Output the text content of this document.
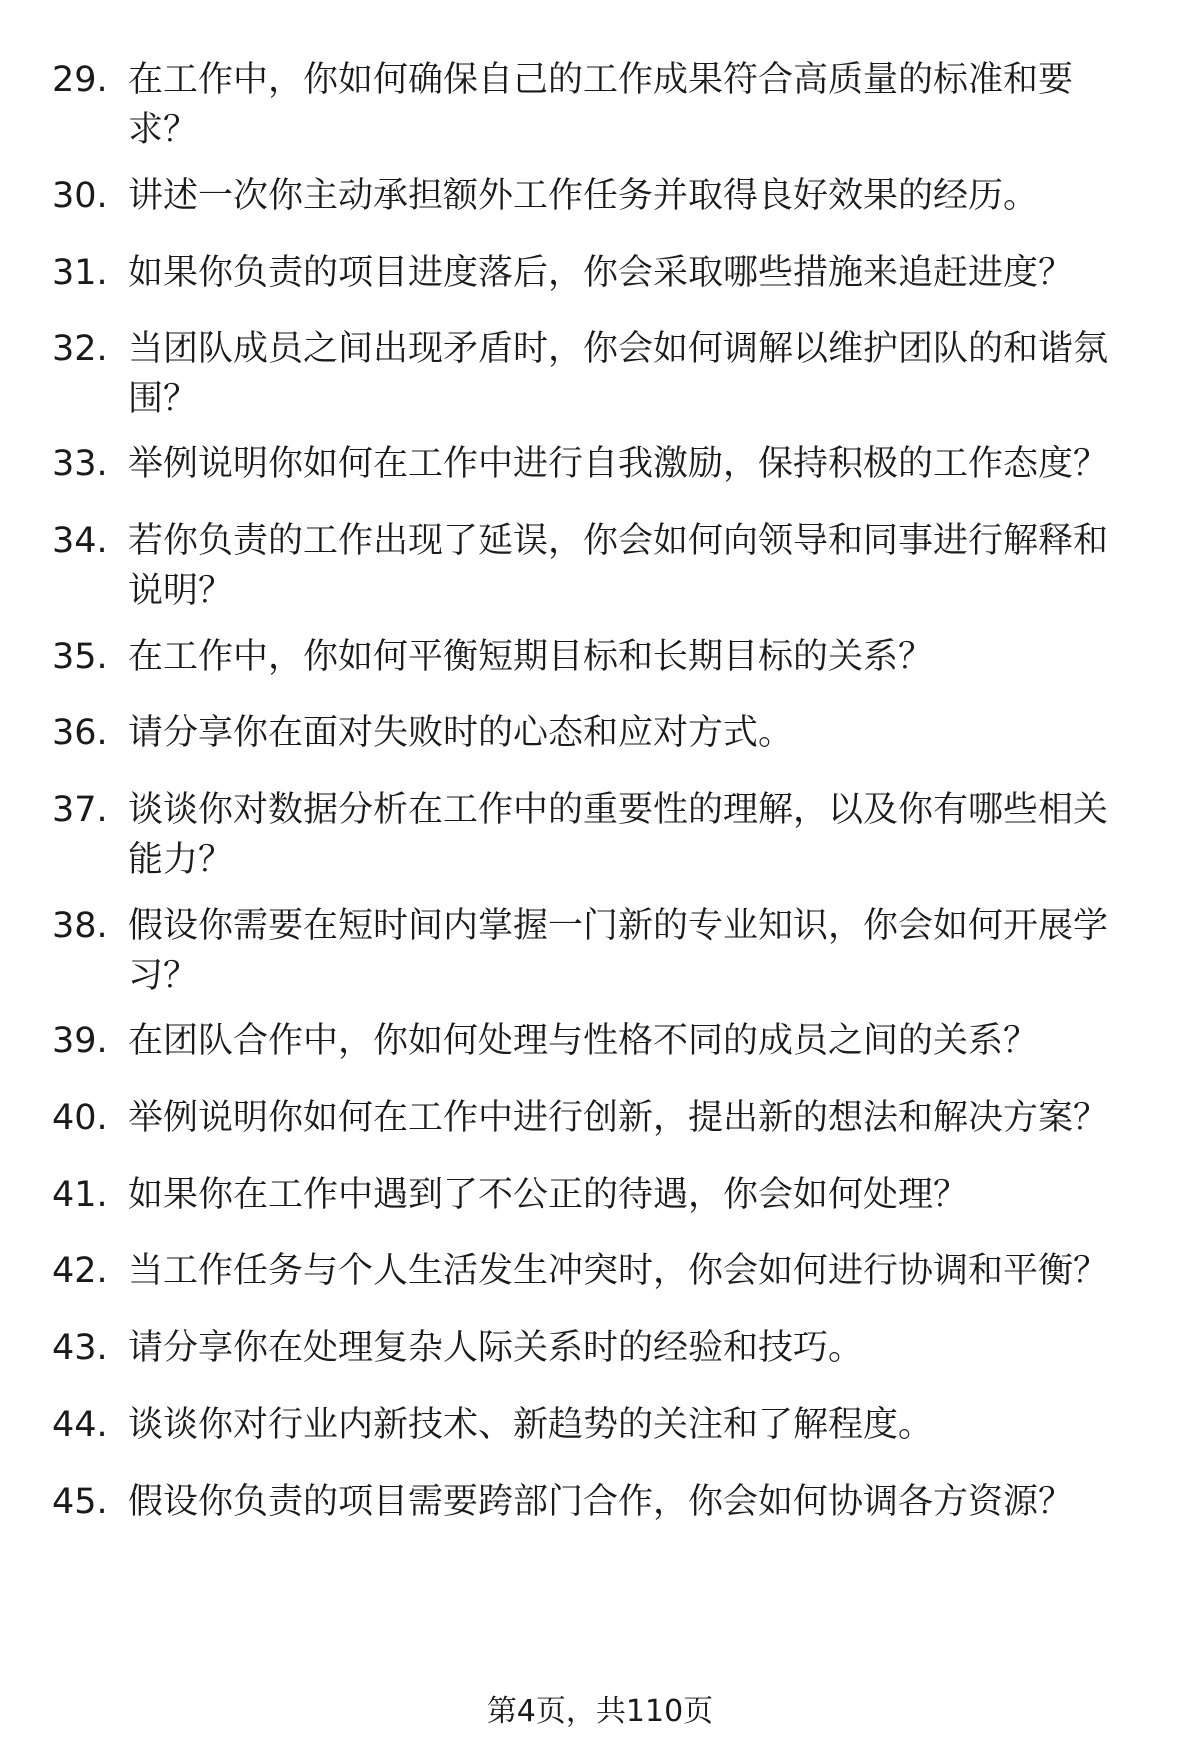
29. 在工作中，你如何确保自己的工作成果符合高质量的标准和要求？
30. 讲述一次你主动承担额外工作任务并取得良好效果的经历。
31. 如果你负责的项目进度落后，你会采取哪些措施来追赶进度？
32. 当团队成员之间出现矛盾时，你会如何调解以维护团队的和谐氛围？
33. 举例说明你如何在工作中进行自我激励，保持积极的工作态度？
34. 若你负责的工作出现了延误，你会如何向领导和同事进行解释和说明？
35. 在工作中，你如何平衡短期目标和长期目标的关系？
36. 请分享你在面对失败时的心态和应对方式。
37. 谈谈你对数据分析在工作中的重要性的理解，以及你有哪些相关能力？
38. 假设你需要在短时间内掌握一门新的专业知识，你会如何开展学习？
39. 在团队合作中，你如何处理与性格不同的成员之间的关系？
40. 举例说明你如何在工作中进行创新，提出新的想法和解决方案？
41. 如果你在工作中遇到了不公正的待遇，你会如何处理？
42. 当工作任务与个人生活发生冲突时，你会如何进行协调和平衡？
43. 请分享你在处理复杂人际关系时的经验和技巧。
44. 谈谈你对行业内新技术、新趋势的关注和了解程度。
45. 假设你负责的项目需要跨部门合作，你会如何协调各方资源？
第4页，共110页
